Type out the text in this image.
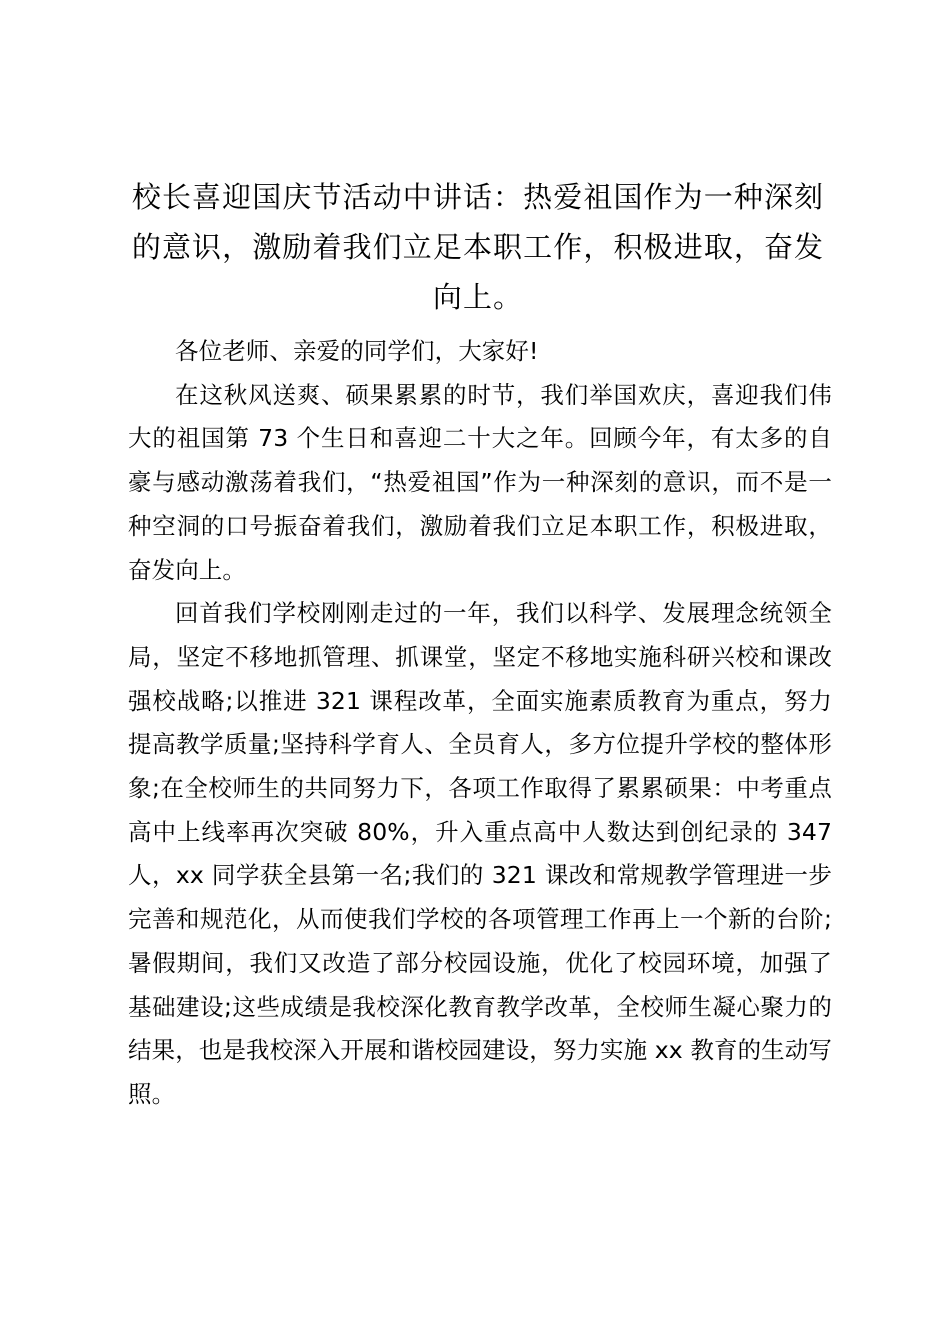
校长喜迎国庆节活动中讲话：热爱祖国作为一种深刻的意识，激励着我们立足本职工作，积极进取，奋发向上。

各位老师、亲爱的同学们，大家好!

在这秋风送爽、硕果累累的时节，我们举国欢庆，喜迎我们伟大的祖国第 73 个生日和喜迎二十大之年。回顾今年，有太多的自豪与感动激荡着我们，“热爱祖国”作为一种深刻的意识，而不是一种空洞的口号振奋着我们，激励着我们立足本职工作，积极进取，奋发向上。

回首我们学校刚刚走过的一年，我们以科学、发展理念统领全局，坚定不移地抓管理、抓课堂，坚定不移地实施科研兴校和课改强校战略;以推进 321 课程改革，全面实施素质教育为重点，努力提高教学质量;坚持科学育人、全员育人，多方位提升学校的整体形象;在全校师生的共同努力下，各项工作取得了累累硕果：中考重点高中上线率再次突破 80%，升入重点高中人数达到创纪录的 347 人，xx 同学获全县第一名;我们的 321 课改和常规教学管理进一步完善和规范化，从而使我们学校的各项管理工作再上一个新的台阶;暑假期间，我们又改造了部分校园设施，优化了校园环境，加强了基础建设;这些成绩是我校深化教育教学改革，全校师生凝心聚力的结果，也是我校深入开展和谐校园建设，努力实施 xx 教育的生动写照。
